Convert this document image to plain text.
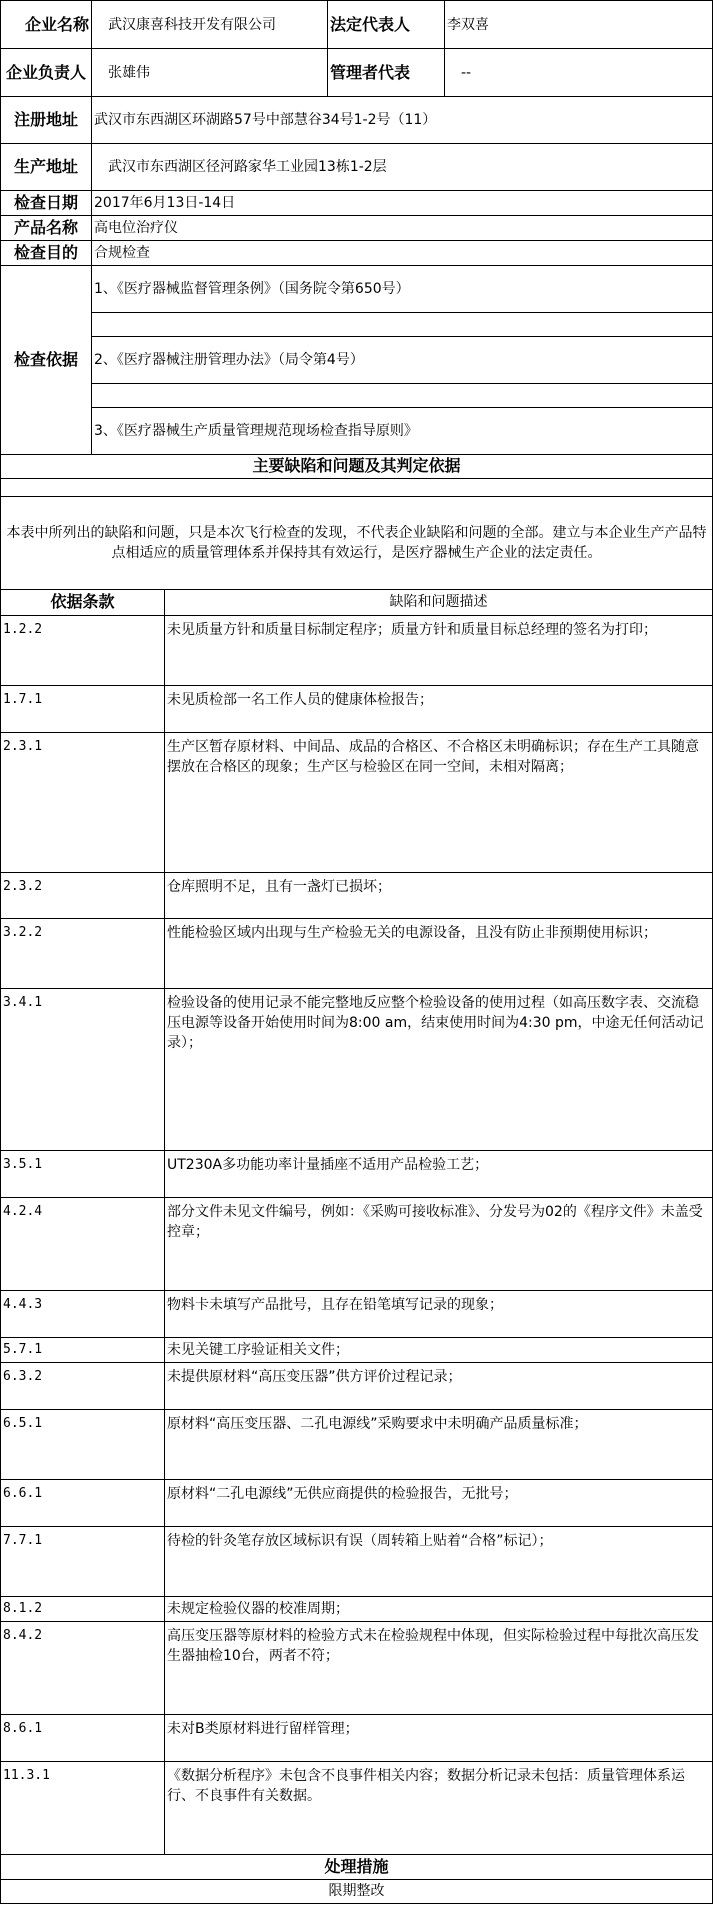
企业名称	武汉康喜科技开发有限公司	法定代表人	李双喜
企业负责人	张雄伟	管理者代表	--
注册地址	武汉市东西湖区环湖路57号中部慧谷34号1-2号（11）		
生产地址	武汉市东西湖区径河路家华工业园13栋1-2层		
检查日期	2017年6月13日-14日		
产品名称	高电位治疗仪		
检查目的	合规检查		
检查依据	1、《医疗器械监督管理条例》（国务院令第650号）		

	2、《医疗器械注册管理办法》（局令第4号）		

	3、《医疗器械生产质量管理规范现场检查指导原则》		
主要缺陷和问题及其判定依据	

本表中所列出的缺陷和问题，只是本次飞行检查的发现，不代表企业缺陷和问题的全部。建立与本企业生产产品特点相适应的质量管理体系并保持其有效运行，是医疗器械生产企业的法定责任。	
依据条款	缺陷和问题描述
1.2.2	未见质量方针和质量目标制定程序；质量方针和质量目标总经理的签名为打印；
1.7.1	未见质检部一名工作人员的健康体检报告；
2.3.1	生产区暂存原材料、中间品、成品的合格区、不合格区未明确标识；存在生产工具随意摆放在合格区的现象；生产区与检验区在同一空间，未相对隔离；
2.3.2	仓库照明不足，且有一盏灯已损坏；
3.2.2	性能检验区域内出现与生产检验无关的电源设备，且没有防止非预期使用标识；
3.4.1	检验设备的使用记录不能完整地反应整个检验设备的使用过程（如高压数字表、交流稳压电源等设备开始使用时间为8:00 am，结束使用时间为4:30 pm，中途无任何活动记录）；
3.5.1	UT230A多功能功率计量插座不适用产品检验工艺；
4.2.4	部分文件未见文件编号，例如：《采购可接收标准》、分发号为02的《程序文件》未盖受控章；
4.4.3	物料卡未填写产品批号，且存在铅笔填写记录的现象；
5.7.1	未见关键工序验证相关文件；
6.3.2	未提供原材料“高压变压器”供方评价过程记录；
6.5.1	原材料“高压变压器、二孔电源线”采购要求中未明确产品质量标准；
6.6.1	原材料“二孔电源线”无供应商提供的检验报告，无批号；
7.7.1	待检的针灸笔存放区域标识有误（周转箱上贴着“合格”标记）；
8.1.2	未规定检验仪器的校准周期；
8.4.2	高压变压器等原材料的检验方式未在检验规程中体现，但实际检验过程中每批次高压发生器抽检10台，两者不符；
8.6.1	未对B类原材料进行留样管理；
11.3.1	《数据分析程序》未包含不良事件相关内容；数据分析记录未包括：质量管理体系运行、不良事件有关数据。
处理措施	
限期整改	
